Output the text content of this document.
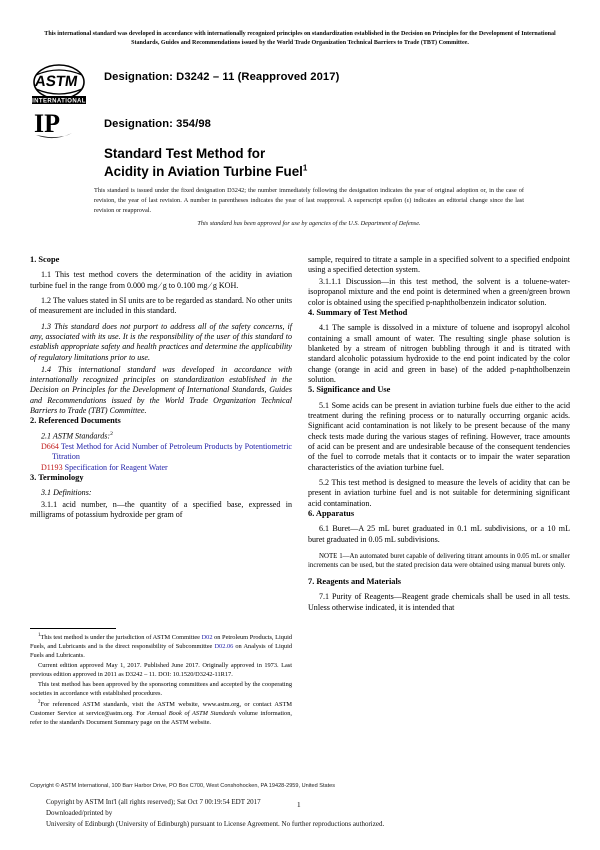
This international standard was developed in accordance with internationally recognized principles on standardization established in the Decision on Principles for the Development of International Standards, Guides and Recommendations issued by the World Trade Organization Technical Barriers to Trade (TBT) Committee.
ASTM
INTERNATIONAL
IP
Designation: D3242 – 11 (Reapproved 2017)
Designation: 354/98
Standard Test Method for
Acidity in Aviation Turbine Fuel$^1$
This standard is issued under the fixed designation D3242; the number immediately following the designation indicates the year of original adoption or, in the case of revision, the year of last revision. A number in parentheses indicates the year of last reapproval. A superscript epsilon (ε) indicates an editorial change since the last revision or reapproval.
This standard has been approved for use by agencies of the U.S. Department of Defense.
1. Scope

1.1 This test method covers the determination of the acidity in aviation turbine fuel in the range from 0.000 mg ⁄ g to 0.100 mg ⁄ g KOH.

1.2 The values stated in SI units are to be regarded as standard. No other units of measurement are included in this standard.

1.3 This standard does not purport to address all of the safety concerns, if any, associated with its use. It is the responsibility of the user of this standard to establish appropriate safety and health practices and determine the applicability of regulatory limitations prior to use.

1.4 This international standard was developed in accordance with internationally recognized principles on standardization established in the Decision on Principles for the Development of International Standards, Guides and Recommendations issued by the World Trade Organization Technical Barriers to Trade (TBT) Committee.

2. Referenced Documents

2.1 ASTM Standards:$^2$

D664 Test Method for Acid Number of Petroleum Products by Potentiometric Titration

D1193 Specification for Reagent Water

3. Terminology

3.1 Definitions:

3.1.1 acid number, n—the quantity of a specified base, expressed in milligrams of potassium hydroxide per gram of

$^1$This test method is under the jurisdiction of ASTM Committee D02 on Petroleum Products, Liquid Fuels, and Lubricants and is the direct responsibility of Subcommittee D02.06 on Analysis of Liquid Fuels and Lubricants.

Current edition approved May 1, 2017. Published June 2017. Originally approved in 1973. Last previous edition approved in 2011 as D3242 – 11. DOI: 10.1520/D3242-11R17.

This test method has been approved by the sponsoring committees and accepted by the cooperating societies in accordance with established procedures.

$^2$For referenced ASTM standards, visit the ASTM website, www.astm.org, or contact ASTM Customer Service at service@astm.org. For Annual Book of ASTM Standards volume information, refer to the standard's Document Summary page on the ASTM website.

sample, required to titrate a sample in a specified solvent to a specified endpoint using a specified detection system.

3.1.1.1 Discussion—in this test method, the solvent is a toluene-water-isopropanol mixture and the end point is determined when a green/green brown color is obtained using the specified p-naphtholbenzein indicator solution.

4. Summary of Test Method

4.1 The sample is dissolved in a mixture of toluene and isopropyl alcohol containing a small amount of water. The resulting single phase solution is blanketed by a stream of nitrogen bubbling through it and is titrated with standard alcoholic potassium hydroxide to the end point indicated by the color change (orange in acid and green in base) of the added p-naphtholbenzein solution.

5. Significance and Use

5.1 Some acids can be present in aviation turbine fuels due either to the acid treatment during the refining process or to naturally occurring organic acids. Significant acid contamination is not likely to be present because of the many check tests made during the various stages of refining. However, trace amounts of acid can be present and are undesirable because of the consequent tendencies of the fuel to corrode metals that it contacts or to impair the water separation characteristics of the aviation turbine fuel.

5.2 This test method is designed to measure the levels of acidity that can be present in aviation turbine fuel and is not suitable for determining significant acid contamination.

6. Apparatus

6.1 Buret—A 25 mL buret graduated in 0.1 mL subdivisions, or a 10 mL buret graduated in 0.05 mL subdivisions.

NOTE 1—An automated buret capable of delivering titrant amounts in 0.05 mL or smaller increments can be used, but the stated precision data were obtained using manual burets only.

7. Reagents and Materials

7.1 Purity of Reagents—Reagent grade chemicals shall be used in all tests. Unless otherwise indicated, it is intended that

Copyright © ASTM International, 100 Barr Harbor Drive, PO Box C700, West Conshohocken, PA 19428-2959, United States
Copyright by ASTM Int'l (all rights reserved); Sat Oct 7 00:19:54 EDT 2017
Downloaded/printed by
University of Edinburgh (University of Edinburgh) pursuant to License Agreement. No further reproductions authorized.
1
